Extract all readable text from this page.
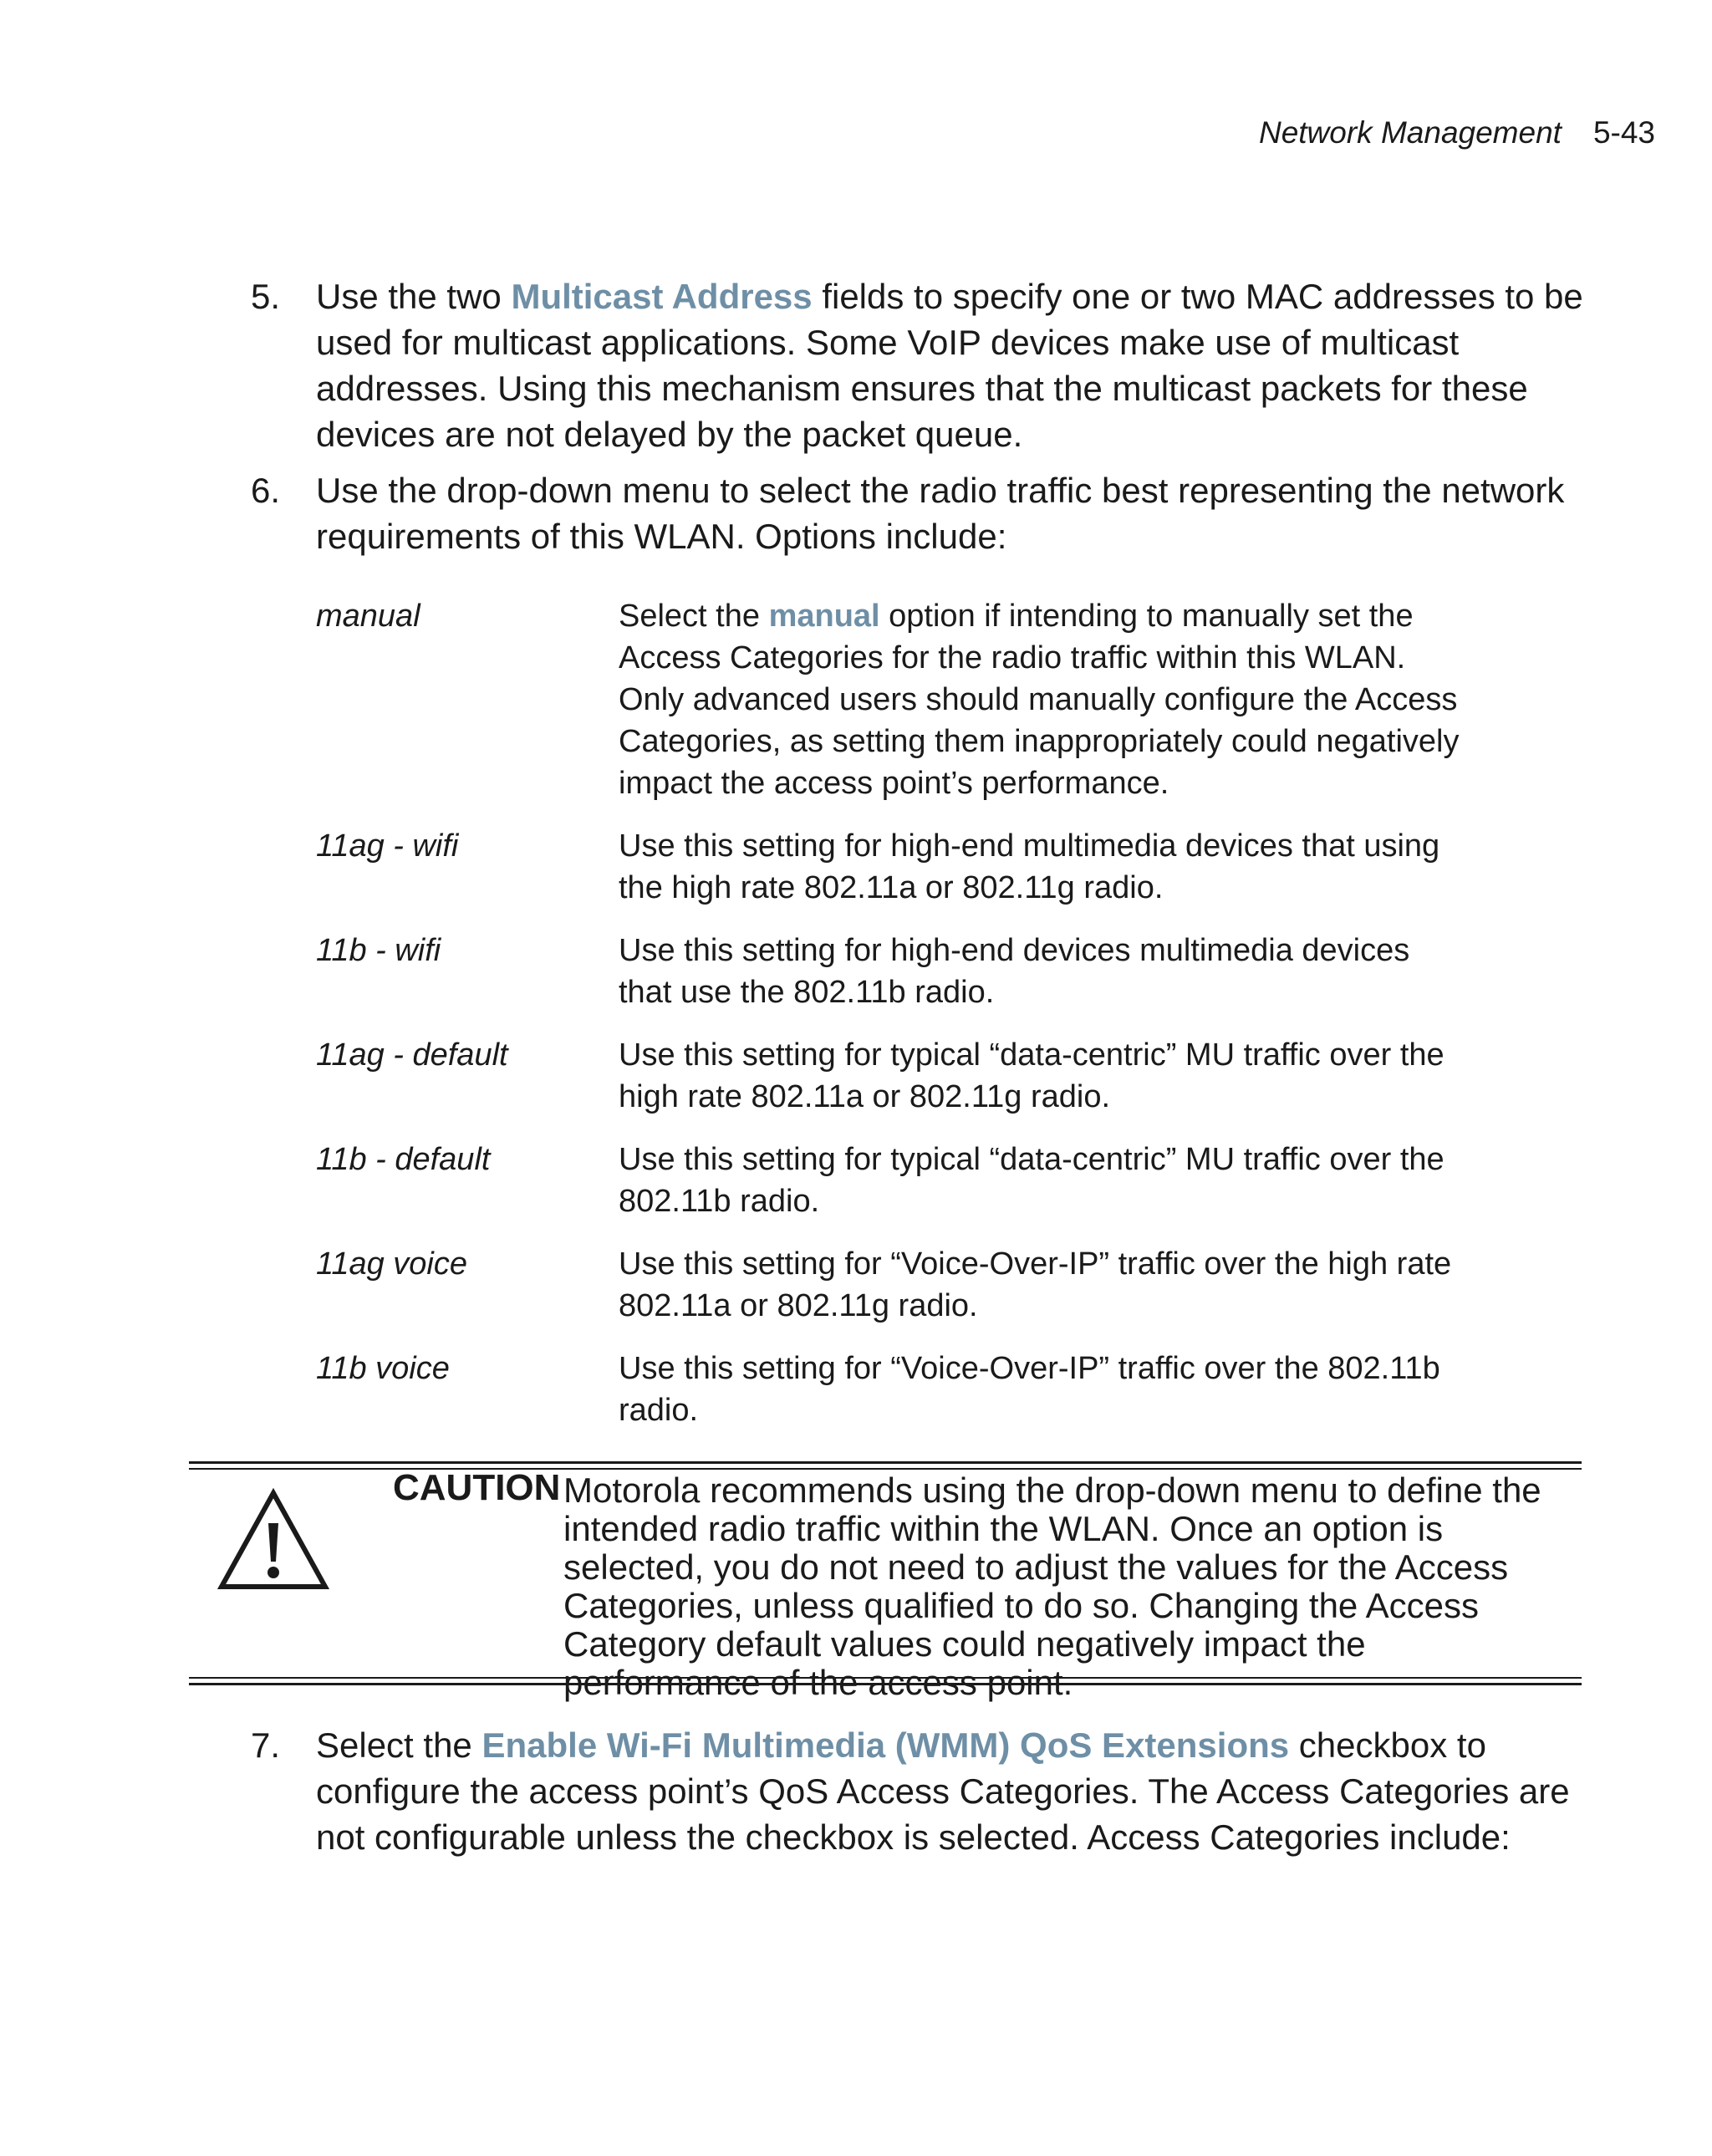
Network Management 5-43
5. Use the two Multicast Address fields to specify one or two MAC addresses to be used for multicast applications. Some VoIP devices make use of multicast addresses. Using this mechanism ensures that the multicast packets for these devices are not delayed by the packet queue.
6. Use the drop-down menu to select the radio traffic best representing the network requirements of this WLAN. Options include:
manual	Select the manual option if intending to manually set the Access Categories for the radio traffic within this WLAN. Only advanced users should manually configure the Access Categories, as setting them inappropriately could negatively impact the access point’s performance.
11ag - wifi	Use this setting for high-end multimedia devices that using the high rate 802.11a or 802.11g radio.
11b - wifi	Use this setting for high-end devices multimedia devices that use the 802.11b radio.
11ag - default	Use this setting for typical “data-centric” MU traffic over the high rate 802.11a or 802.11g radio.
11b - default	Use this setting for typical “data-centric” MU traffic over the 802.11b radio.
11ag voice	Use this setting for “Voice-Over-IP” traffic over the high rate 802.11a or 802.11g radio.
11b voice	Use this setting for “Voice-Over-IP” traffic over the 802.11b radio.
CAUTION Motorola recommends using the drop-down menu to define the intended radio traffic within the WLAN. Once an option is selected, you do not need to adjust the values for the Access Categories, unless qualified to do so. Changing the Access Category default values could negatively impact the of
7. Select the Enable Wi-Fi Multimedia (WMM) QoS Extensions checkbox to configure the access point’s QoS Access Categories. The Access Categories are not configurable unless the checkbox is selected. Access Categories include:
